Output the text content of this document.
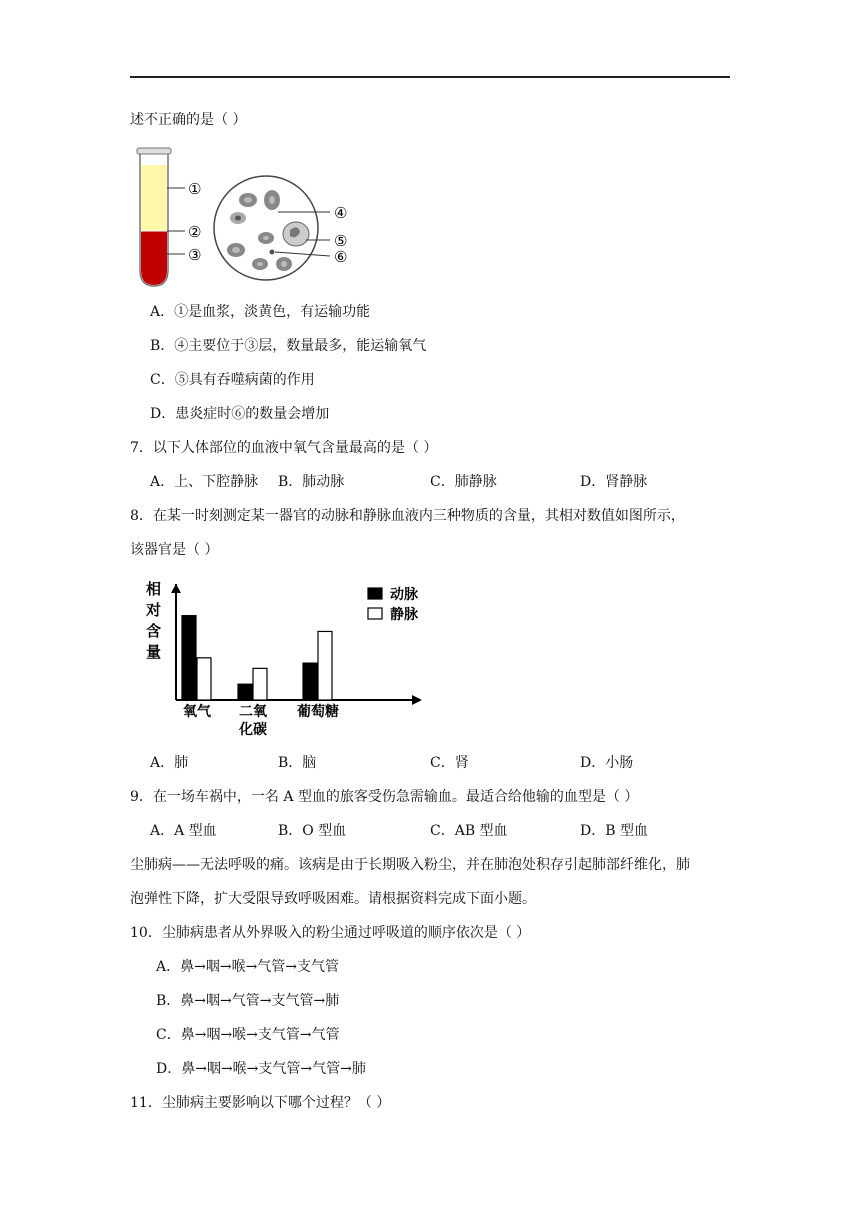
述不正确的是（ ）
①
②
③
④
⑤
⑥
A．①是血浆，淡黄色，有运输功能
B．④主要位于③层，数量最多，能运输氧气
C．⑤具有吞噬病菌的作用
D．患炎症时⑥的数量会增加
7．以下人体部位的血液中氧气含量最高的是（ ）
A．上、下腔静脉 B．肺动脉	C．肺静脉	D．肾静脉
8．在某一时刻测定某一器官的动脉和静脉血液内三种物质的含量，其相对数值如图所示，
该器官是（ ）
相
对
含
量
氧气 二氧
化碳
葡萄糖
动脉
静脉
A．肺	B．脑	C．肾	D．小肠
9．在一场车祸中，一名 A 型血的旅客受伤急需输血。最适合给他输的血型是（ ）
A．A 型血	B．O 型血	C．AB 型血	D．B 型血
尘肺病——无法呼吸的痛。该病是由于长期吸入粉尘，并在肺泡处积存引起肺部纤维化，肺
泡弹性下降，扩大受限导致呼吸困难。请根据资料完成下面小题。
10．尘肺病患者从外界吸入的粉尘通过呼吸道的顺序依次是（ ）
A．鼻→咽→喉→气管→支气管
B．鼻→咽→气管→支气管→肺
C．鼻→咽→喉→支气管→气管
D．鼻→咽→喉→支气管→气管→肺
11．尘肺病主要影响以下哪个过程？（ ）
